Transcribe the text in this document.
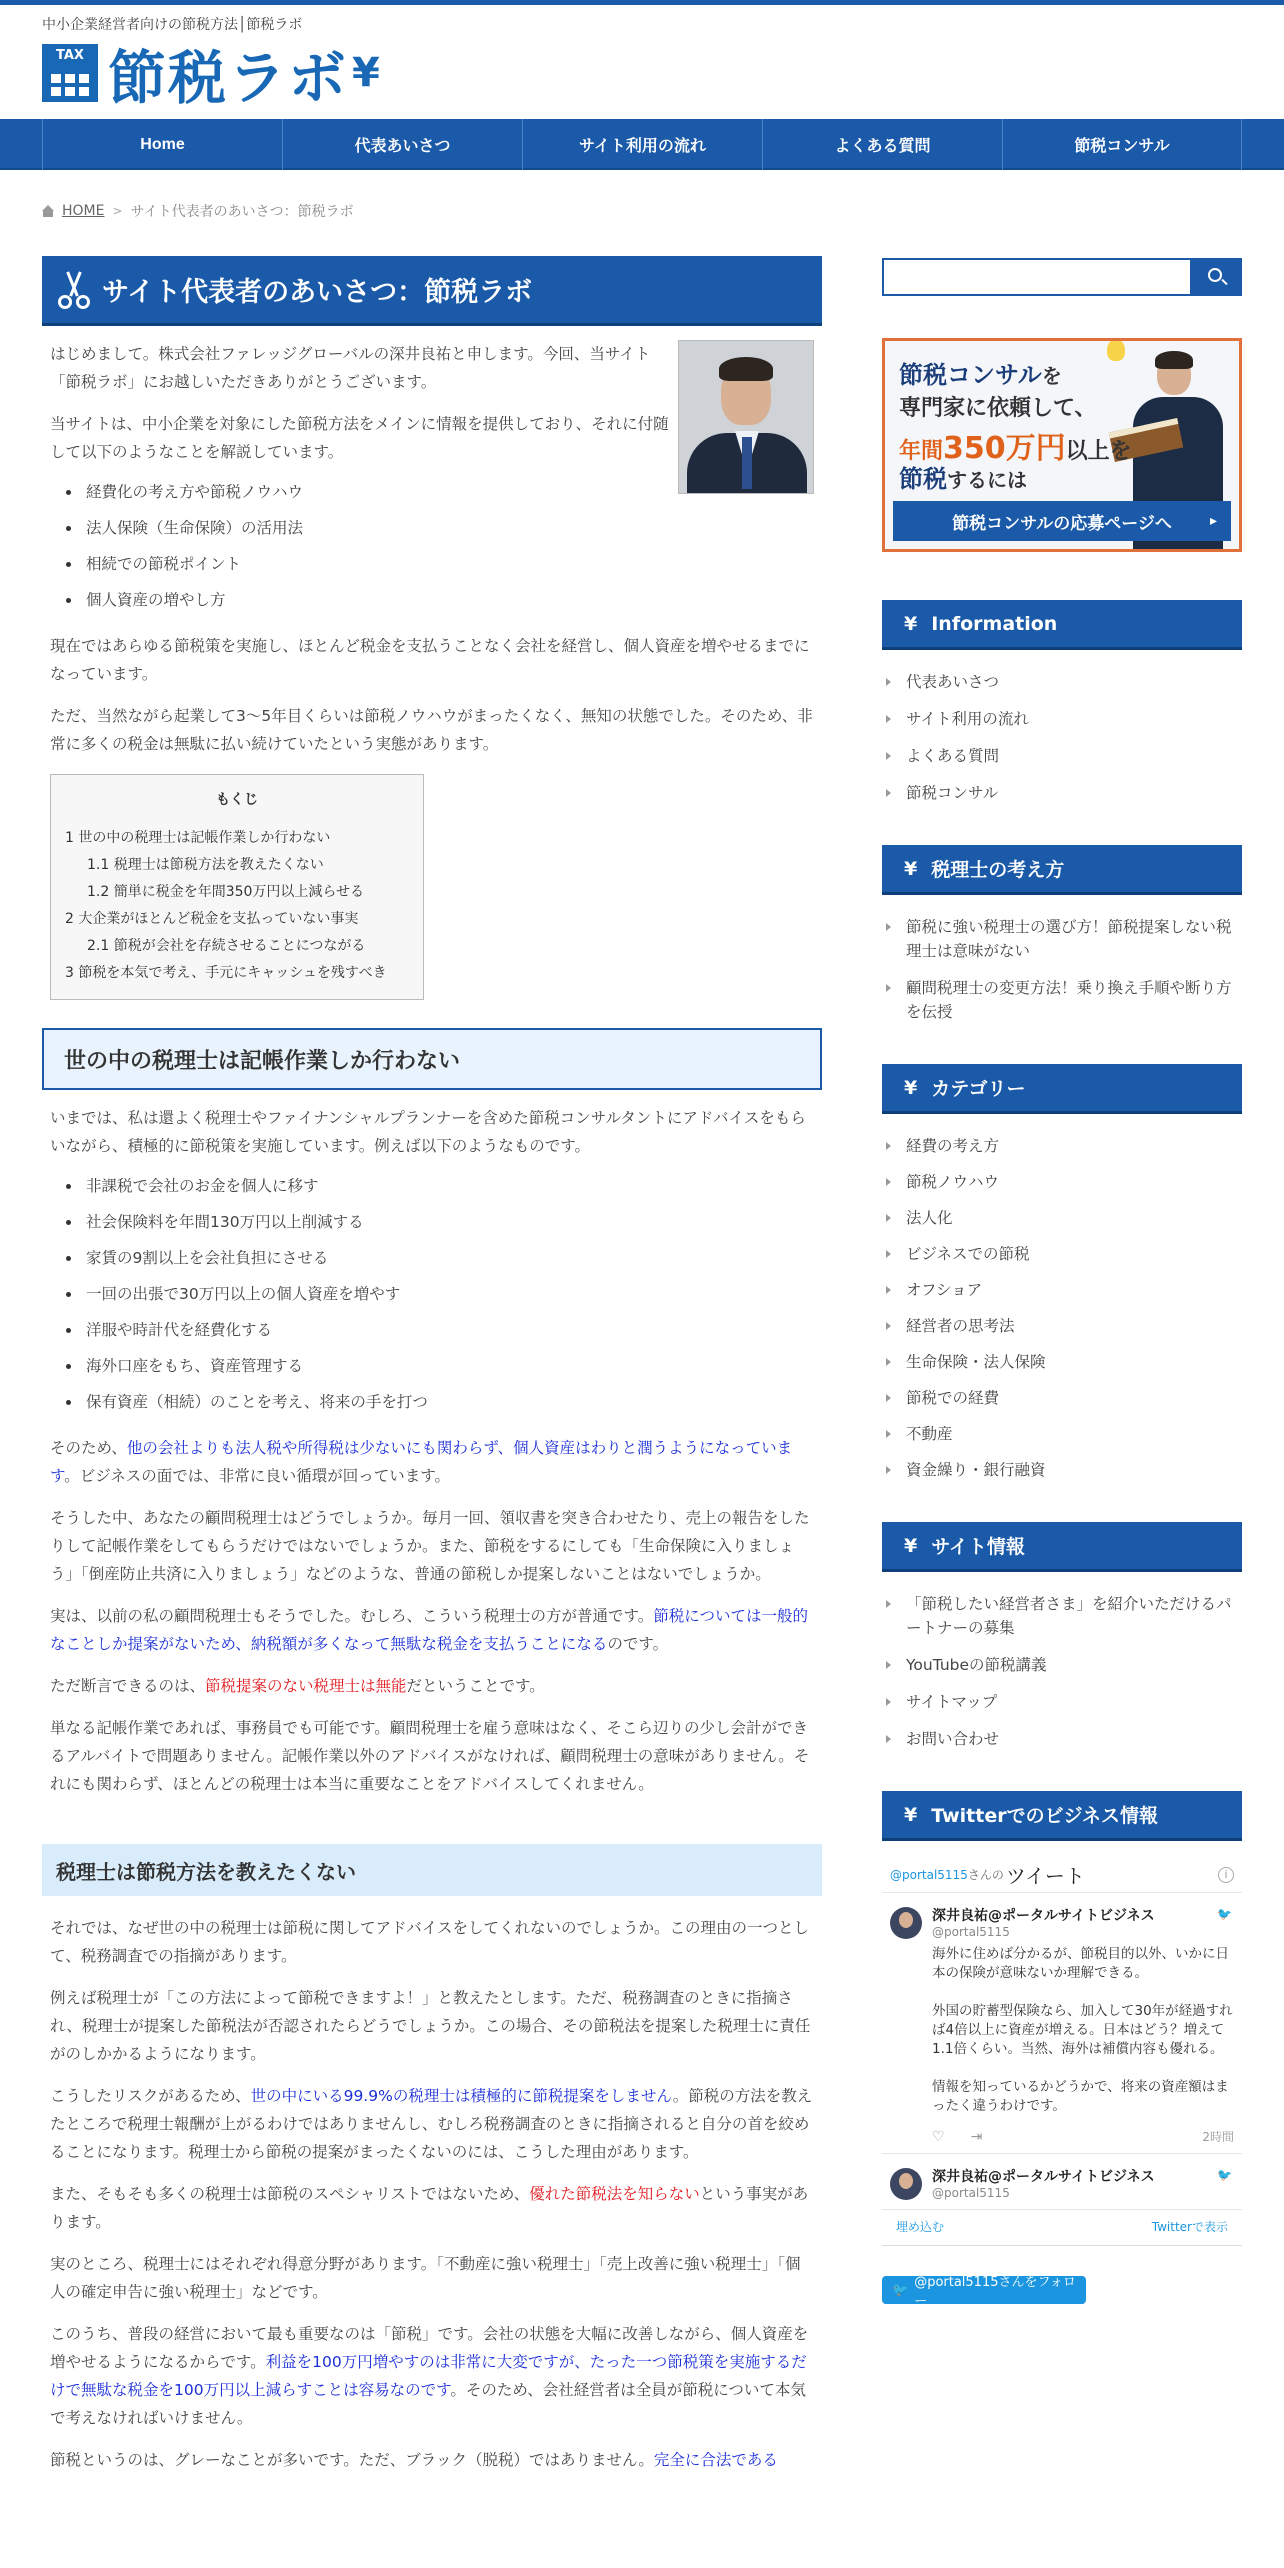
中小企業経営者向けの節税方法│節税ラボ
TAX 節税ラボ ¥
Home	代表あいさつ	サイト利用の流れ	よくある質問	節税コンサル
HOME > サイト代表者のあいさつ：節税ラボ
サイト代表者のあいさつ：節税ラボ

はじめまして。株式会社ファレッジグローバルの深井良祐と申します。今回、当サイト「節税ラボ」にお越しいただきありがとうございます。

当サイトは、中小企業を対象にした節税方法をメインに情報を提供しており、それに付随して以下のようなことを解説しています。

• 経費化の考え方や節税ノウハウ
• 法人保険（生命保険）の活用法
• 相続での節税ポイント
• 個人資産の増やし方

現在ではあらゆる節税策を実施し、ほとんど税金を支払うことなく会社を経営し、個人資産を増やせるまでになっています。

ただ、当然ながら起業して3～5年目くらいは節税ノウハウがまったくなく、無知の状態でした。そのため、非常に多くの税金は無駄に払い続けていたという実態があります。

もくじ
1 世の中の税理士は記帳作業しか行わない
1.1 税理士は節税方法を教えたくない
1.2 簡単に税金を年間350万円以上減らせる
2 大企業がほとんど税金を支払っていない事実
2.1 節税が会社を存続させることにつながる
3 節税を本気で考え、手元にキャッシュを残すべき
世の中の税理士は記帳作業しか行わない

いまでは、私は還よく税理士やファイナンシャルプランナーを含めた節税コンサルタントにアドバイスをもらいながら、積極的に節税策を実施しています。例えば以下のようなものです。

• 非課税で会社のお金を個人に移す
• 社会保険料を年間130万円以上削減する
• 家賃の9割以上を会社負担にさせる
• 一回の出張で30万円以上の個人資産を増やす
• 洋服や時計代を経費化する
• 海外口座をもち、資産管理する
• 保有資産（相続）のことを考え、将来の手を打つ

そのため、他の会社よりも法人税や所得税は少ないにも関わらず、個人資産はわりと潤うようになっています。ビジネスの面では、非常に良い循環が回っています。

そうした中、あなたの顧問税理士はどうでしょうか。毎月一回、領収書を突き合わせたり、売上の報告をしたりして記帳作業をしてもらうだけではないでしょうか。また、節税をするにしても「生命保険に入りましょう」「倒産防止共済に入りましょう」などのような、普通の節税しか提案しないことはないでしょうか。

実は、以前の私の顧問税理士もそうでした。むしろ、こういう税理士の方が普通です。節税については一般的なことしか提案がないため、納税額が多くなって無駄な税金を支払うことになるのです。

ただ断言できるのは、節税提案のない税理士は無能だということです。

単なる記帳作業であれば、事務員でも可能です。顧問税理士を雇う意味はなく、そこら辺りの少し会計ができるアルバイトで問題ありません。記帳作業以外のアドバイスがなければ、顧問税理士の意味がありません。それにも関わらず、ほとんどの税理士は本当に重要なことをアドバイスしてくれません。

税理士は節税方法を教えたくない

それでは、なぜ世の中の税理士は節税に関してアドバイスをしてくれないのでしょうか。この理由の一つとして、税務調査での指摘があります。

例えば税理士が「この方法によって節税できますよ！」と教えたとします。ただ、税務調査のときに指摘され、税理士が提案した節税法が否認されたらどうでしょうか。この場合、その節税法を提案した税理士に責任がのしかかるようになります。

こうしたリスクがあるため、世の中にいる99.9%の税理士は積極的に節税提案をしません。節税の方法を教えたところで税理士報酬が上がるわけではありませんし、むしろ税務調査のときに指摘されると自分の首を絞めることになります。税理士から節税の提案がまったくないのには、こうした理由があります。

また、そもそも多くの税理士は節税のスペシャリストではないため、優れた節税法を知らないという事実があります。

実のところ、税理士にはそれぞれ得意分野があります。「不動産に強い税理士」「売上改善に強い税理士」「個人の確定申告に強い税理士」などです。

このうち、普段の経営において最も重要なのは「節税」です。会社の状態を大幅に改善しながら、個人資産を増やせるようになるからです。利益を100万円増やすのは非常に大変ですが、たった一つ節税策を実施するだけで無駄な税金を100万円以上減らすことは容易なのです。そのため、会社経営者は全員が節税について本気で考えなければいけません。

節税というのは、グレーなことが多いです。ただ、ブラック（脱税）ではありません。完全に合法である

節税コンサルを
専門家に依頼して、
年間350万円以上を
節税するには
節税コンサルの応募ページへ ▸
¥ Information
代表あいさつ
サイト利用の流れ
よくある質問
節税コンサル
¥ 税理士の考え方
節税に強い税理士の選び方！節税提案しない税理士は意味がない
顧問税理士の変更方法！乗り換え手順や断り方を伝授
¥ カテゴリー
経費の考え方
節税ノウハウ
法人化
ビジネスでの節税
オフショア
経営者の思考法
生命保険・法人保険
節税での経費
不動産
資金繰り・銀行融資
¥ サイト情報
「節税したい経営者さま」を紹介いただけるパートナーの募集
YouTubeの節税講義
サイトマップ
お問い合わせ
¥ Twitterでのビジネス情報
@portal5115 さんの ツイート	i
🐦
深井良祐@ポータルサイトビジネス
@portal5115
海外に住めば分かるが、節税目的以外、いかに日本の保険が意味ないか理解できる。

外国の貯蓄型保険なら、加入して30年が経過すれば4倍以上に資産が増える。日本はどう？増えて1.1倍くらい。当然、海外は補償内容も優れる。

情報を知っているかどうかで、将来の資産額はまったく違うわけです。
♡ ⇥	2時間
🐦
深井良祐@ポータルサイトビジネス
@portal5115
埋め込む	Twitterで表示
🐦 @portal5115さんをフォロー
